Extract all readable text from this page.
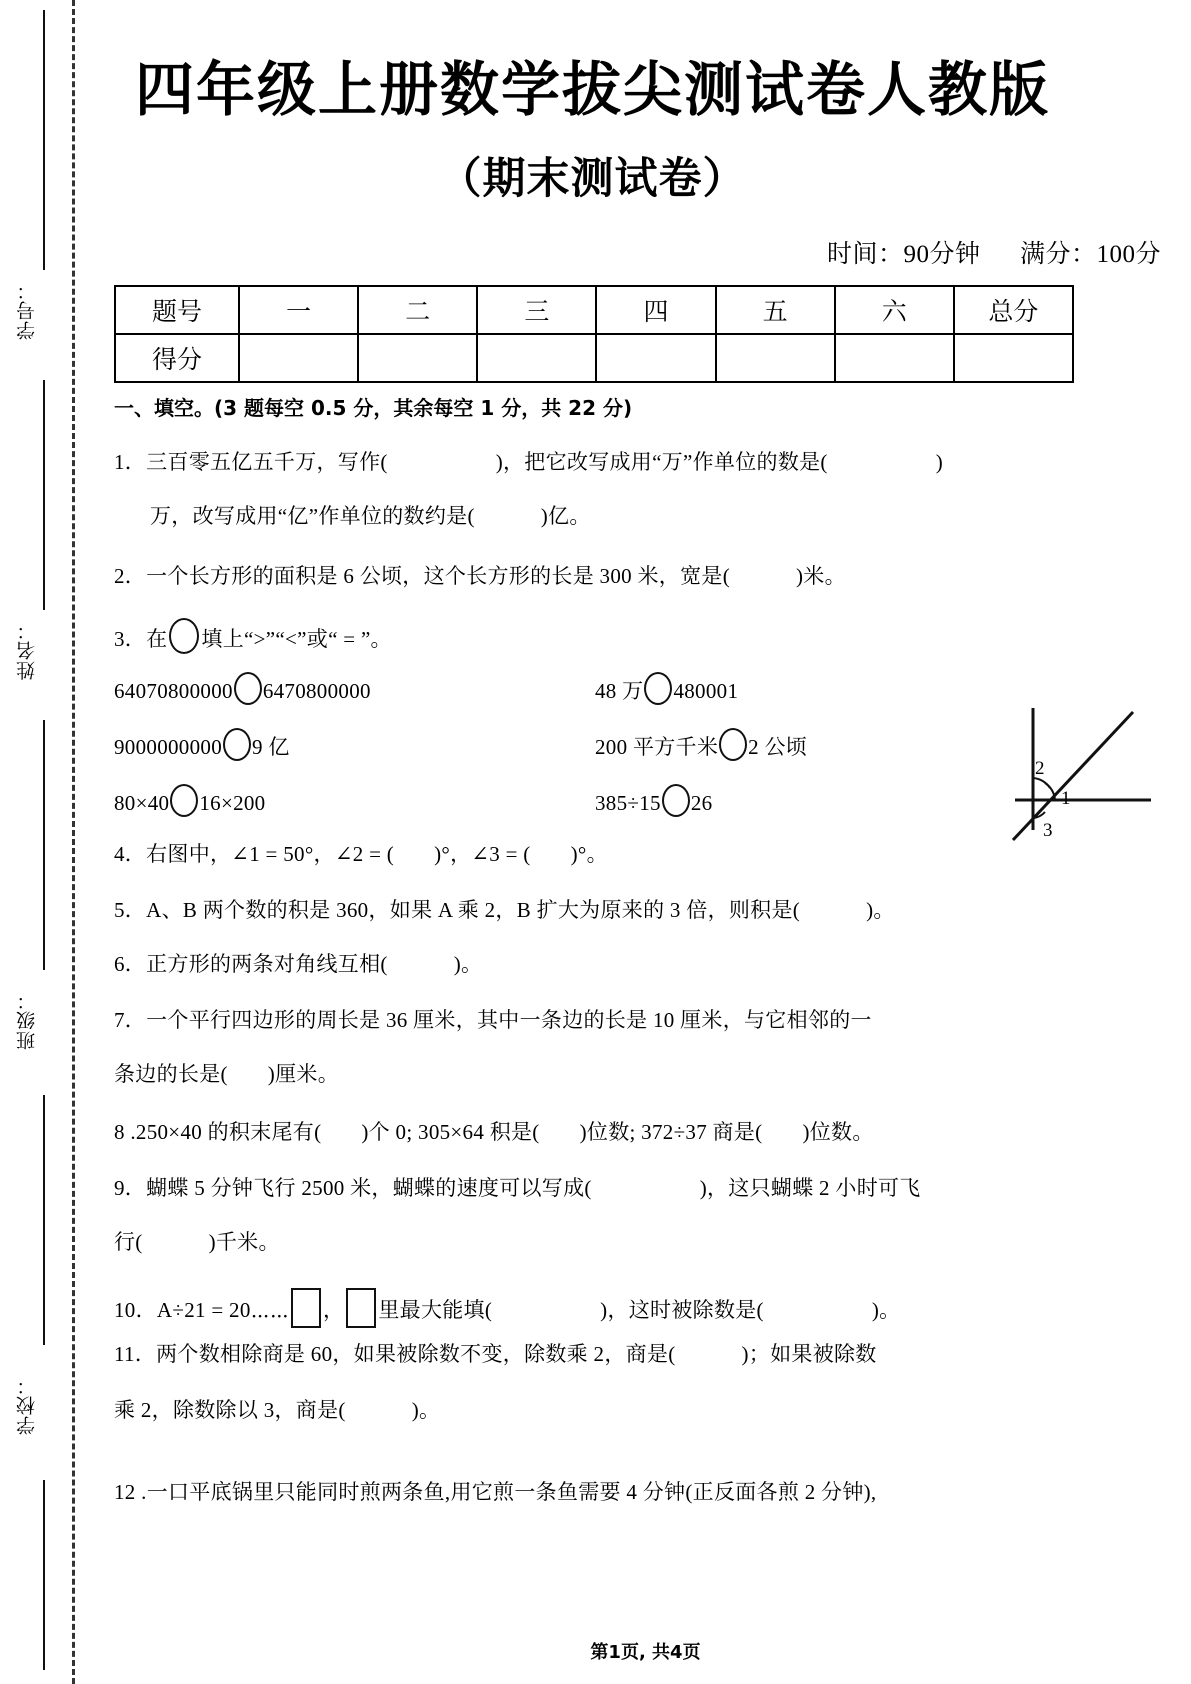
学号：
姓名：
班级：
学校：
四年级上册数学拔尖测试卷人教版
（期末测试卷）
时间：90分钟 满分：100分
题号	一	二	三	四	五	六	总分
得分							
一、填空。(3 题每空 0.5 分，其余每空 1 分，共 22 分)
1．三百零五亿五千万，写作(	)，把它改写成用“万”作单位的数是(	)
万，改写成用“亿”作单位的数约是(	)亿。
2．一个长方形的面积是 6 公顷，这个长方形的长是 300 米，宽是(	)米。
3．在 填上“>”“<”或“ = ”。
64070800000 6470800000	48 万 480001
9000000000 9 亿	200 平方千米 2 公顷
80×40 16×200	385÷15 26
2
1
3
4．右图中，∠1 = 50°，∠2 = ( )°，∠3 = ( )°。
5．A、B 两个数的积是 360，如果 A 乘 2，B 扩大为原来的 3 倍，则积是(	)。
6．正方形的两条对角线互相(	)。
7．一个平行四边形的周长是 36 厘米，其中一条边的长是 10 厘米，与它相邻的一
条边的长是( )厘米。
8 .250×40 的积末尾有( )个 0; 305×64 积是( )位数; 372÷37 商是( )位数。
9．蝴蝶 5 分钟飞行 2500 米，蝴蝶的速度可以写成(	)，这只蝴蝶 2 小时可飞
行(	)千米。
10．A÷21 = 20⋯⋯ ， 里最大能填(	)，这时被除数是(	)。
11．两个数相除商是 60，如果被除数不变，除数乘 2，商是(	)；如果被除数
乘 2，除数除以 3，商是(	)。
12 .一口平底锅里只能同时煎两条鱼,用它煎一条鱼需要 4 分钟(正反面各煎 2 分钟),
第1页, 共4页
